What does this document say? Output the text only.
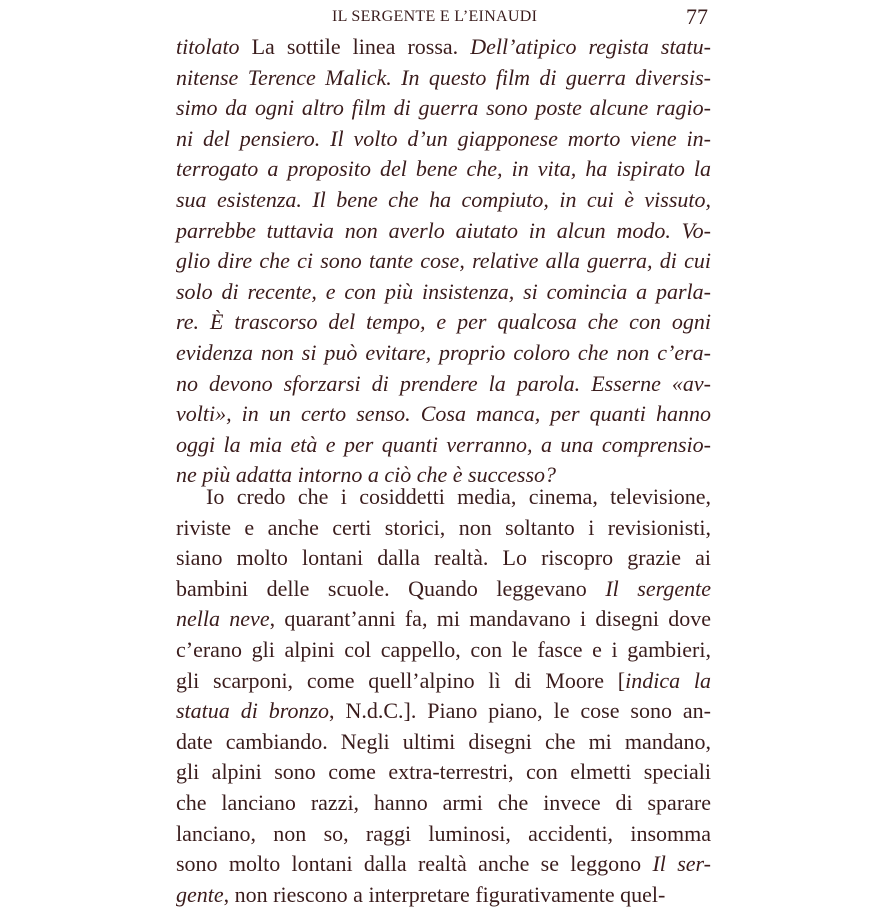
IL SERGENTE E L’EINAUDI	77
titolato La sottile linea rossa. Dell’atipico regista statu-
nitense Terence Malick. In questo film di guerra diversis-
simo da ogni altro film di guerra sono poste alcune ragio-
ni del pensiero. Il volto d’un giapponese morto viene in-
terrogato a proposito del bene che, in vita, ha ispirato la
sua esistenza. Il bene che ha compiuto, in cui è vissuto,
parrebbe tuttavia non averlo aiutato in alcun modo. Vo-
glio dire che ci sono tante cose, relative alla guerra, di cui
solo di recente, e con più insistenza, si comincia a parla-
re. È trascorso del tempo, e per qualcosa che con ogni
evidenza non si può evitare, proprio coloro che non c’era-
no devono sforzarsi di prendere la parola. Esserne «av-
volti», in un certo senso. Cosa manca, per quanti hanno
oggi la mia età e per quanti verranno, a una comprensio-
ne più adatta intorno a ciò che è successo?
Io credo che i cosiddetti media, cinema, televisione,
riviste e anche certi storici, non soltanto i revisionisti,
siano molto lontani dalla realtà. Lo riscopro grazie ai
bambini delle scuole. Quando leggevano Il sergente
nella neve, quarant’anni fa, mi mandavano i disegni dove
c’erano gli alpini col cappello, con le fasce e i gambieri,
gli scarponi, come quell’alpino lì di Moore [indica la
statua di bronzo, N.d.C.]. Piano piano, le cose sono an-
date cambiando. Negli ultimi disegni che mi mandano,
gli alpini sono come extra-terrestri, con elmetti speciali
che lanciano razzi, hanno armi che invece di sparare
lanciano, non so, raggi luminosi, accidenti, insomma
sono molto lontani dalla realtà anche se leggono Il ser-
gente, non riescono a interpretare figurativamente quel-
